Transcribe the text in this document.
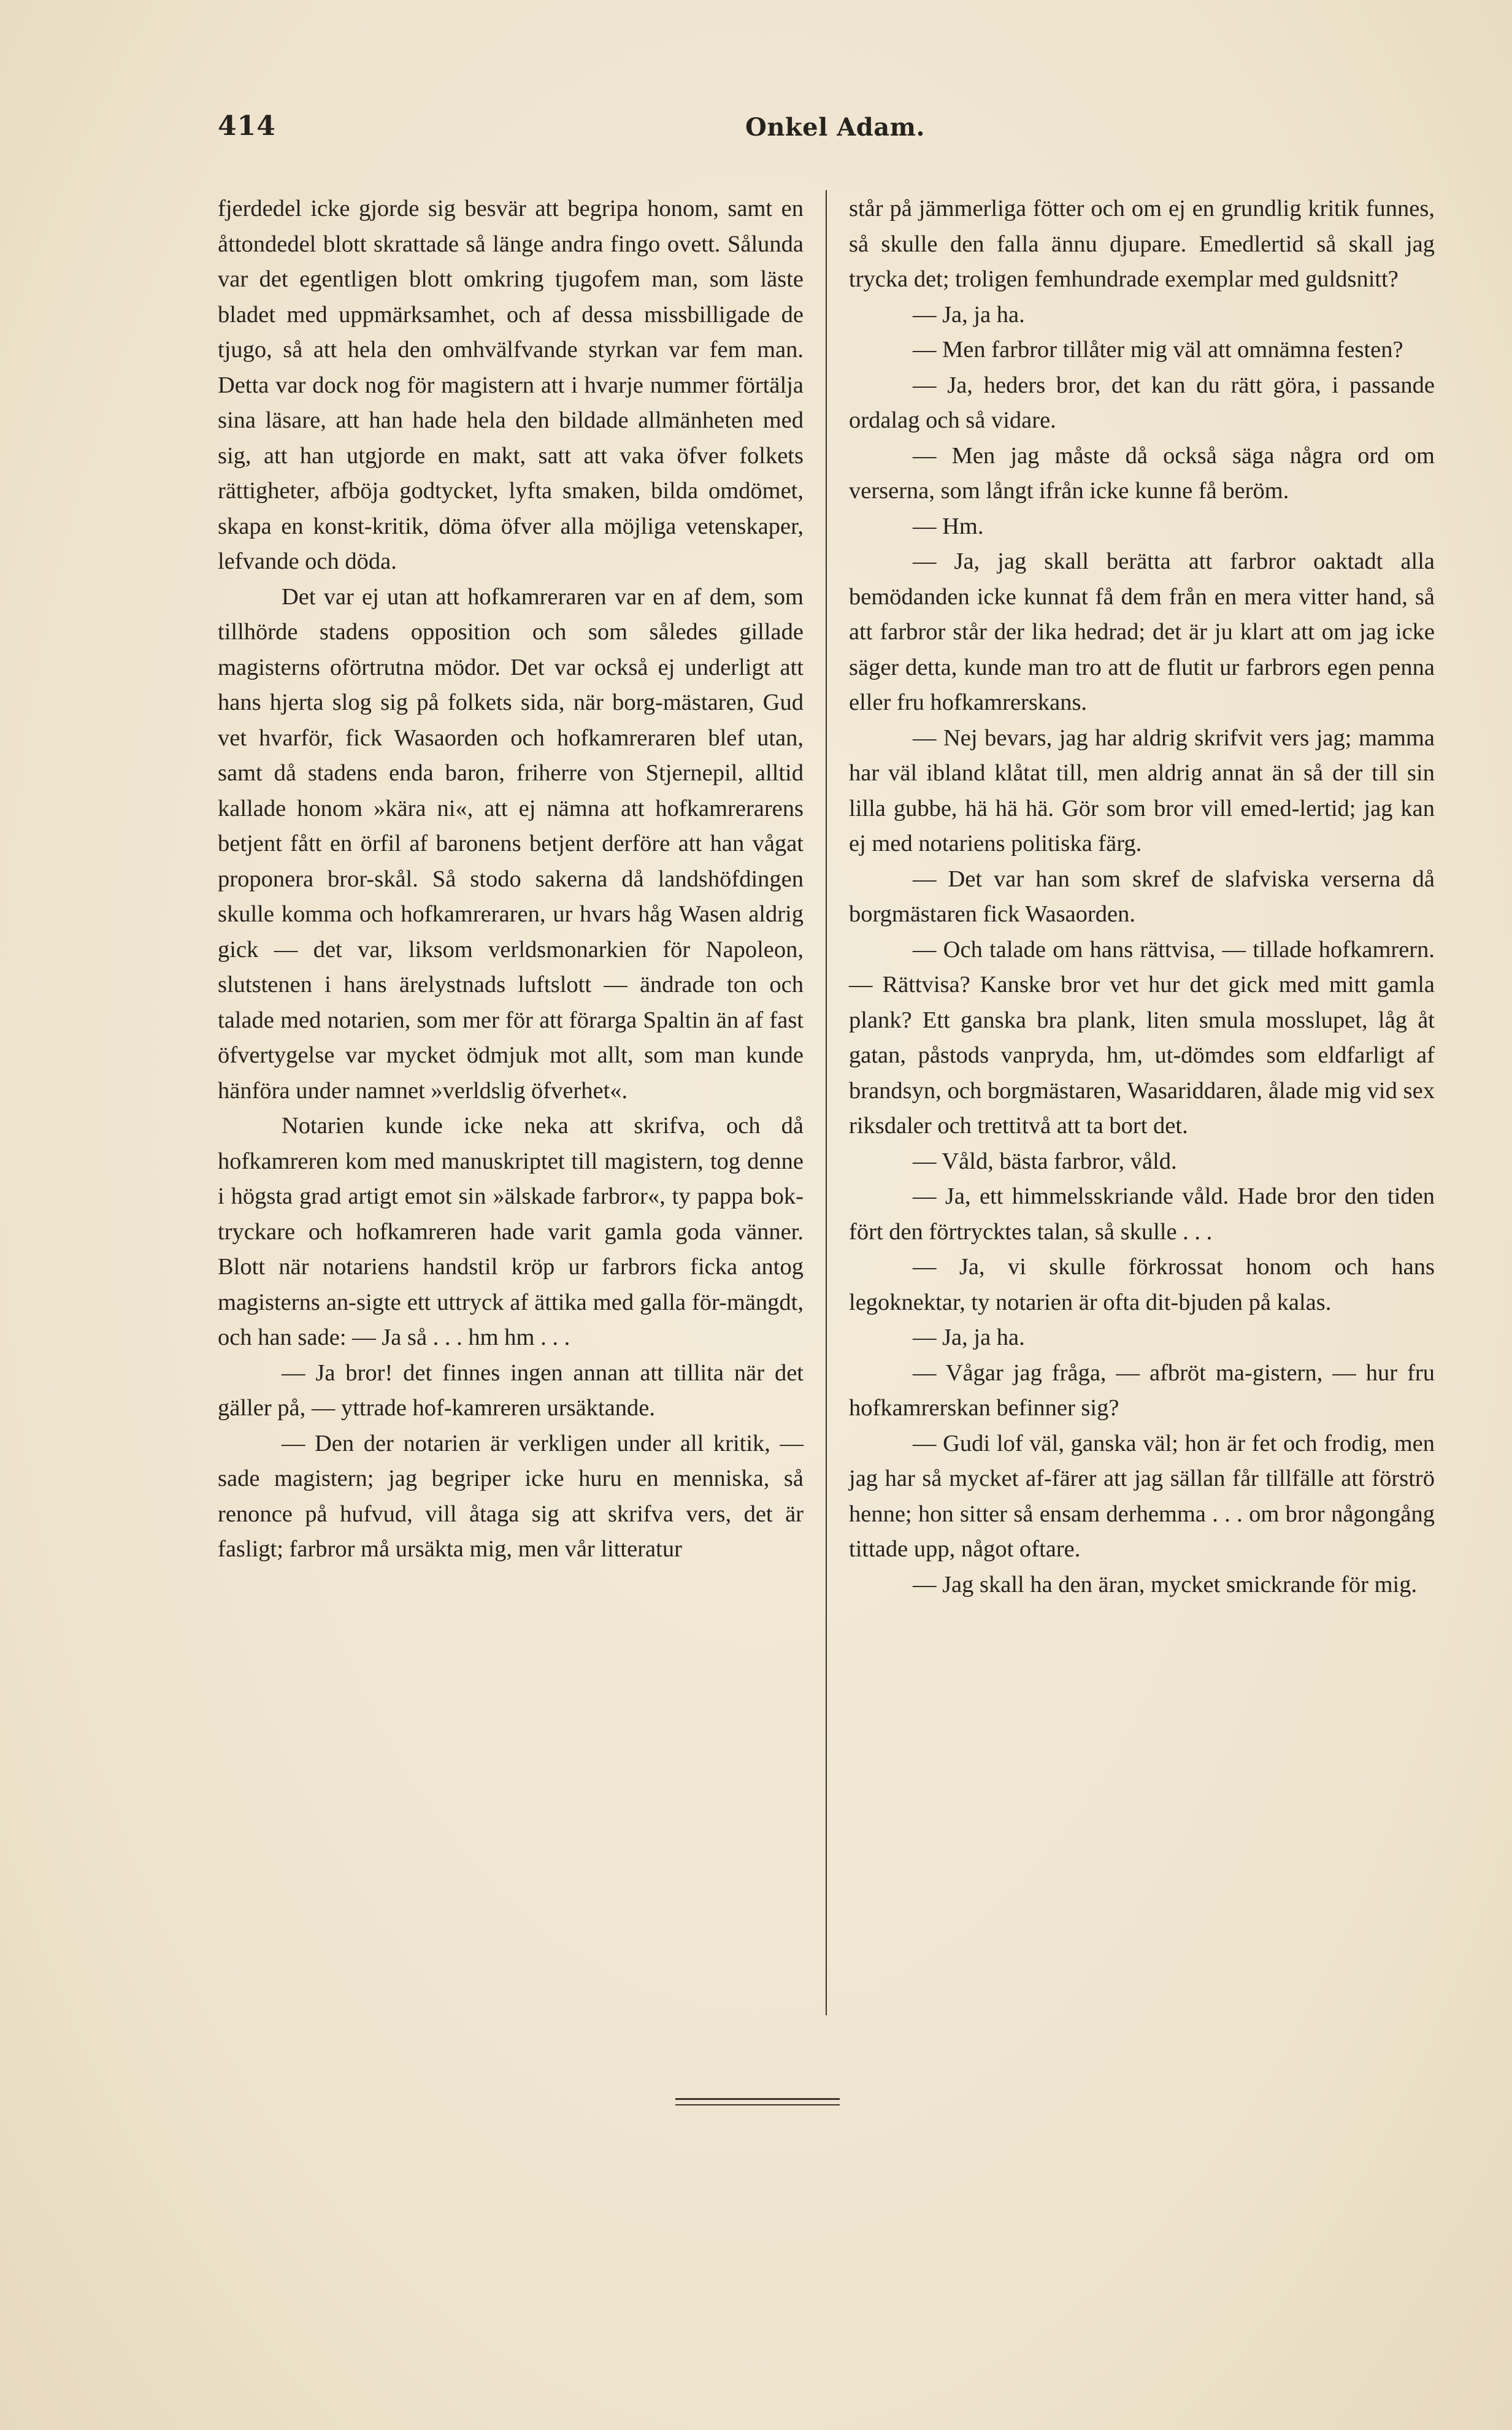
414	Onkel Adam.

fjerdedel icke gjorde sig besvär att begripa honom, samt en åttondedel blott skrattade så länge andra fingo ovett. Sålunda var det egentligen blott omkring tjugofem man, som läste bladet med uppmärksamhet, och af dessa missbilligade de tjugo, så att hela den omhvälfvande styrkan var fem man. Detta var dock nog för magistern att i hvarje nummer förtälja sina läsare, att han hade hela den bildade allmänheten med sig, att han utgjorde en makt, satt att vaka öfver folkets rättigheter, afböja godtycket, lyfta smaken, bilda omdömet, skapa en konst-kritik, döma öfver alla möjliga vetenskaper, lefvande och döda.

Det var ej utan att hofkamreraren var en af dem, som tillhörde stadens opposition och som således gillade magisterns oförtrutna mödor. Det var också ej underligt att hans hjerta slog sig på folkets sida, när borg-mästaren, Gud vet hvarför, fick Wasaorden och hofkamreraren blef utan, samt då stadens enda baron, friherre von Stjernepil, alltid kallade honom »kära ni«, att ej nämna att hofkamrerarens betjent fått en örfil af baronens betjent derföre att han vågat proponera bror-skål. Så stodo sakerna då landshöfdingen skulle komma och hofkamreraren, ur hvars håg Wasen aldrig gick — det var, liksom verldsmonarkien för Napoleon, slutstenen i hans ärelystnads luftslott — ändrade ton och talade med notarien, som mer för att förarga Spaltin än af fast öfvertygelse var mycket ödmjuk mot allt, som man kunde hänföra under namnet »verldslig öfverhet«.

Notarien kunde icke neka att skrifva, och då hofkamreren kom med manuskriptet till magistern, tog denne i högsta grad artigt emot sin »älskade farbror«, ty pappa bok-tryckare och hofkamreren hade varit gamla goda vänner. Blott när notariens handstil kröp ur farbrors ficka antog magisterns an-sigte ett uttryck af ättika med galla för-mängdt, och han sade: — Ja så . . . hm hm . . .

— Ja bror! det finnes ingen annan att tillita när det gäller på, — yttrade hof-kamreren ursäktande.

— Den der notarien är verkligen under all kritik, — sade magistern; jag begriper icke huru en menniska, så renonce på hufvud, vill åtaga sig att skrifva vers, det är fasligt; farbror må ursäkta mig, men vår litteratur

står på jämmerliga fötter och om ej en grundlig kritik funnes, så skulle den falla ännu djupare. Emedlertid så skall jag trycka det; troligen femhundrade exemplar med guldsnitt?

— Ja, ja ha.

— Men farbror tillåter mig väl att omnämna festen?

— Ja, heders bror, det kan du rätt göra, i passande ordalag och så vidare.

— Men jag måste då också säga några ord om verserna, som långt ifrån icke kunne få beröm.

— Hm.

— Ja, jag skall berätta att farbror oaktadt alla bemödanden icke kunnat få dem från en mera vitter hand, så att farbror står der lika hedrad; det är ju klart att om jag icke säger detta, kunde man tro att de flutit ur farbrors egen penna eller fru hofkamrerskans.

— Nej bevars, jag har aldrig skrifvit vers jag; mamma har väl ibland klåtat till, men aldrig annat än så der till sin lilla gubbe, hä hä hä. Gör som bror vill emed-lertid; jag kan ej med notariens politiska färg.

— Det var han som skref de slafviska verserna då borgmästaren fick Wasaorden.

— Och talade om hans rättvisa, — tillade hofkamrern. — Rättvisa? Kanske bror vet hur det gick med mitt gamla plank? Ett ganska bra plank, liten smula mosslupet, låg åt gatan, påstods vanpryda, hm, ut-dömdes som eldfarligt af brandsyn, och borgmästaren, Wasariddaren, ålade mig vid sex riksdaler och trettitvå att ta bort det.

— Våld, bästa farbror, våld.

— Ja, ett himmelsskriande våld. Hade bror den tiden fört den förtrycktes talan, så skulle . . .

— Ja, vi skulle förkrossat honom och hans legoknektar, ty notarien är ofta dit-bjuden på kalas.

— Ja, ja ha.

— Vågar jag fråga, — afbröt ma-gistern, — hur fru hofkamrerskan befinner sig?

— Gudi lof väl, ganska väl; hon är fet och frodig, men jag har så mycket af-färer att jag sällan får tillfälle att förströ henne; hon sitter så ensam derhemma . . . om bror någongång tittade upp, något oftare.

— Jag skall ha den äran, mycket smickrande för mig.
